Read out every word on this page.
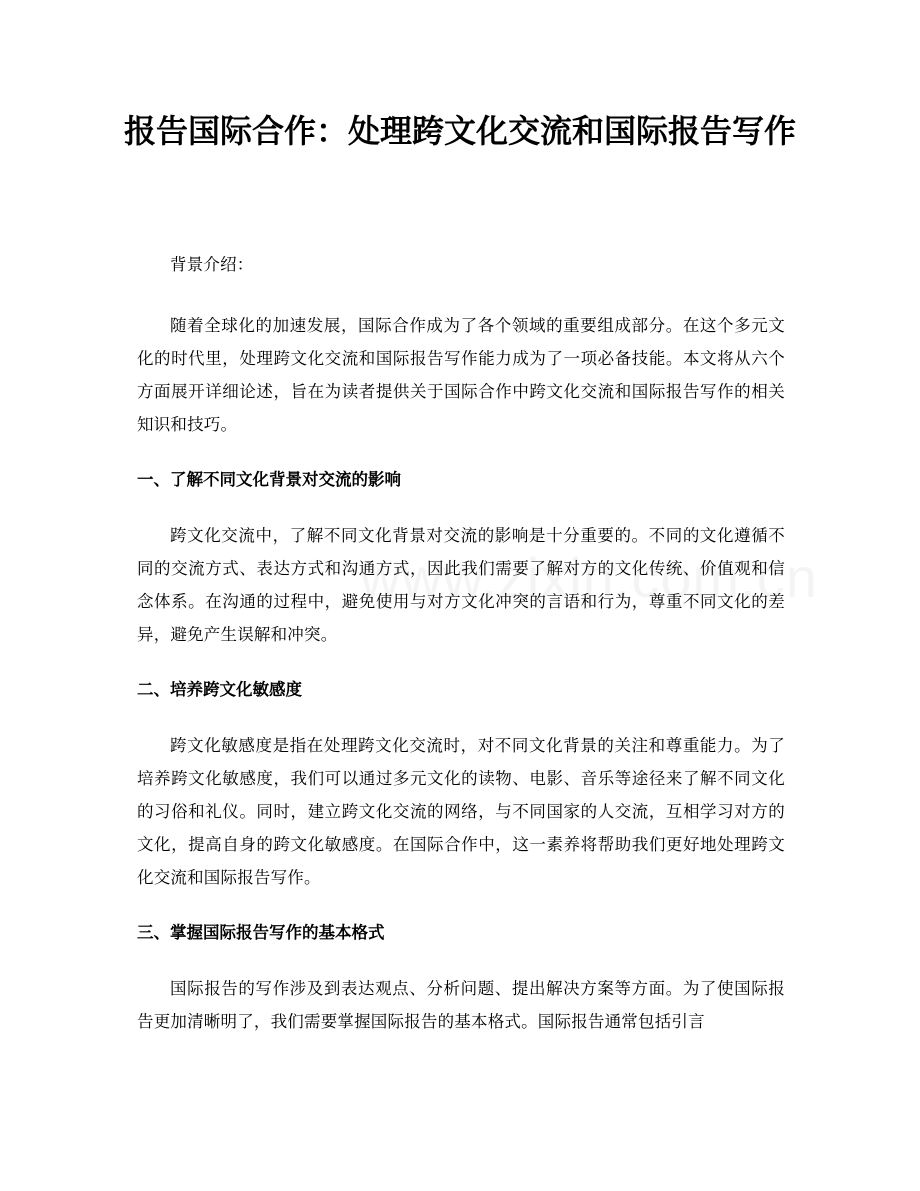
报告国际合作：处理跨文化交流和国际报告写作

背景介绍：

随着全球化的加速发展，国际合作成为了各个领域的重要组成部分。在这个多元文化的时代里，处理跨文化交流和国际报告写作能力成为了一项必备技能。本文将从六个方面展开详细论述，旨在为读者提供关于国际合作中跨文化交流和国际报告写作的相关知识和技巧。

一、了解不同文化背景对交流的影响

跨文化交流中，了解不同文化背景对交流的影响是十分重要的。不同的文化遵循不同的交流方式、表达方式和沟通方式，因此我们需要了解对方的文化传统、价值观和信念体系。在沟通的过程中，避免使用与对方文化冲突的言语和行为，尊重不同文化的差异，避免产生误解和冲突。

二、培养跨文化敏感度

跨文化敏感度是指在处理跨文化交流时，对不同文化背景的关注和尊重能力。为了培养跨文化敏感度，我们可以通过多元文化的读物、电影、音乐等途径来了解不同文化的习俗和礼仪。同时，建立跨文化交流的网络，与不同国家的人交流，互相学习对方的文化，提高自身的跨文化敏感度。在国际合作中，这一素养将帮助我们更好地处理跨文化交流和国际报告写作。

三、掌握国际报告写作的基本格式

国际报告的写作涉及到表达观点、分析问题、提出解决方案等方面。为了使国际报告更加清晰明了，我们需要掌握国际报告的基本格式。国际报告通常包括引言
